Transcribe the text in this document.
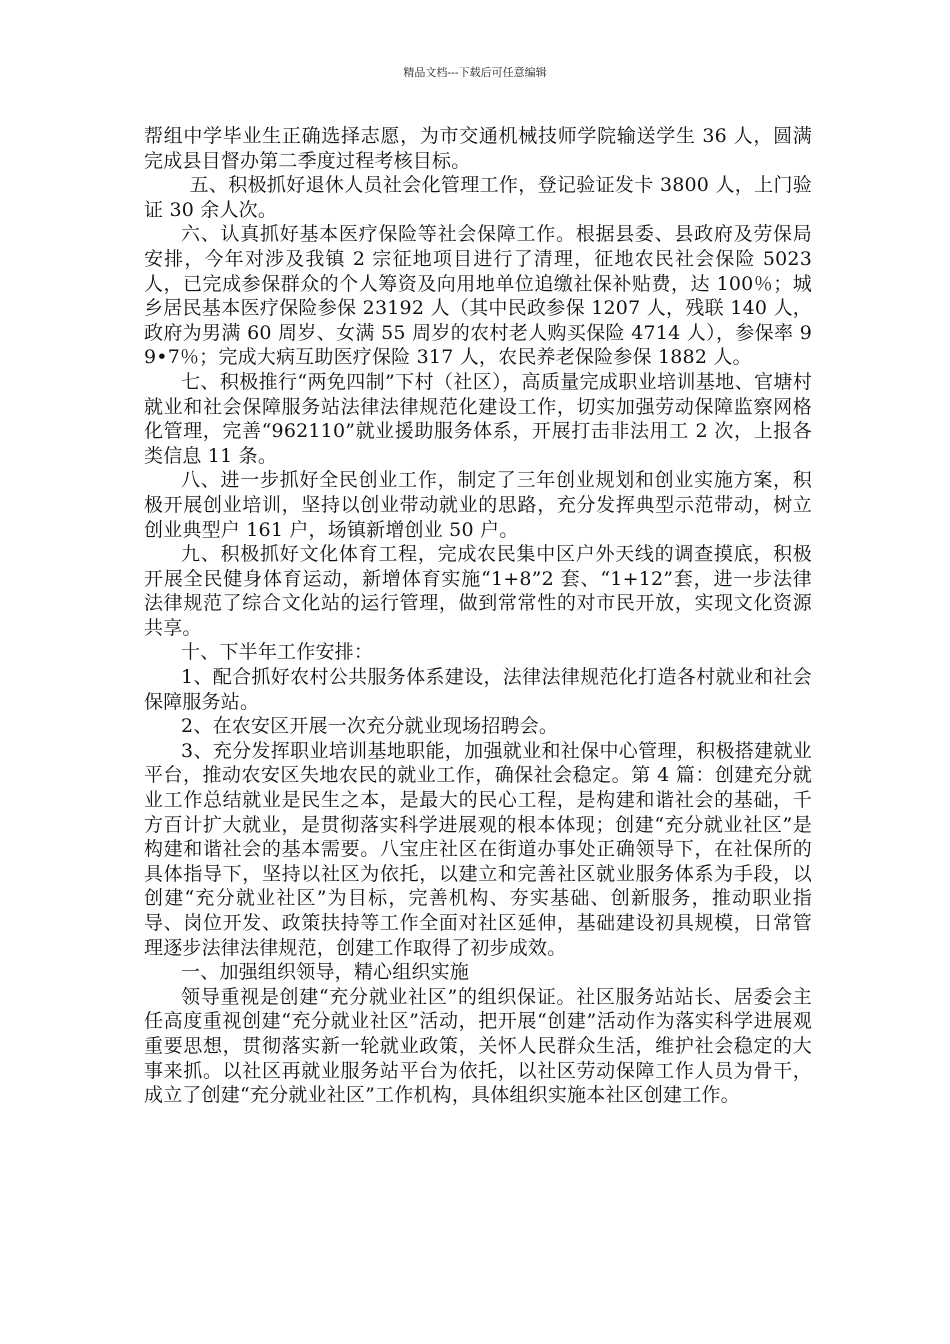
精品文档---下载后可任意编辑

帮组中学毕业生正确选择志愿，为市交通机械技师学院输送学生 36 人，圆满完成县目督办第二季度过程考核目标。

五、积极抓好退休人员社会化管理工作，登记验证发卡 3800 人，上门验证 30 余人次。

六、认真抓好基本医疗保险等社会保障工作。根据县委、县政府及劳保局安排，今年对涉及我镇 2 宗征地项目进行了清理，征地农民社会保险 5023 人，已完成参保群众的个人筹资及向用地单位追缴社保补贴费，达 100％；城乡居民基本医疗保险参保 23192 人（其中民政参保 1207 人，残联 140 人，政府为男满 60 周岁、女满 55 周岁的农村老人购买保险 4714 人），参保率 99•7％；完成大病互助医疗保险 317 人，农民养老保险参保 1882 人。

七、积极推行“两免四制”下村（社区），高质量完成职业培训基地、官塘村就业和社会保障服务站法律法律规范化建设工作，切实加强劳动保障监察网格化管理，完善“962110”就业援助服务体系，开展打击非法用工 2 次，上报各类信息 11 条。

八、进一步抓好全民创业工作，制定了三年创业规划和创业实施方案，积极开展创业培训，坚持以创业带动就业的思路，充分发挥典型示范带动，树立创业典型户 161 户，场镇新增创业 50 户。

九、积极抓好文化体育工程，完成农民集中区户外天线的调查摸底，积极开展全民健身体育运动，新增体育实施“1+8”2 套、“1+12”套，进一步法律法律规范了综合文化站的运行管理，做到常常性的对市民开放，实现文化资源共享。

十、下半年工作安排：

1、配合抓好农村公共服务体系建设，法律法律规范化打造各村就业和社会保障服务站。

2、在农安区开展一次充分就业现场招聘会。

3、充分发挥职业培训基地职能，加强就业和社保中心管理，积极搭建就业平台，推动农安区失地农民的就业工作，确保社会稳定。第 4 篇：创建充分就业工作总结就业是民生之本，是最大的民心工程，是构建和谐社会的基础，千方百计扩大就业，是贯彻落实科学进展观的根本体现；创建“充分就业社区”是构建和谐社会的基本需要。八宝庄社区在街道办事处正确领导下，在社保所的具体指导下，坚持以社区为依托，以建立和完善社区就业服务体系为手段，以创建“充分就业社区”为目标，完善机构、夯实基础、创新服务，推动职业指导、岗位开发、政策扶持等工作全面对社区延伸，基础建设初具规模，日常管理逐步法律法律规范，创建工作取得了初步成效。

一、加强组织领导，精心组织实施

领导重视是创建“充分就业社区”的组织保证。社区服务站站长、居委会主任高度重视创建“充分就业社区”活动，把开展“创建”活动作为落实科学进展观重要思想，贯彻落实新一轮就业政策，关怀人民群众生活，维护社会稳定的大事来抓。以社区再就业服务站平台为依托，以社区劳动保障工作人员为骨干，成立了创建“充分就业社区”工作机构，具体组织实施本社区创建工作。
